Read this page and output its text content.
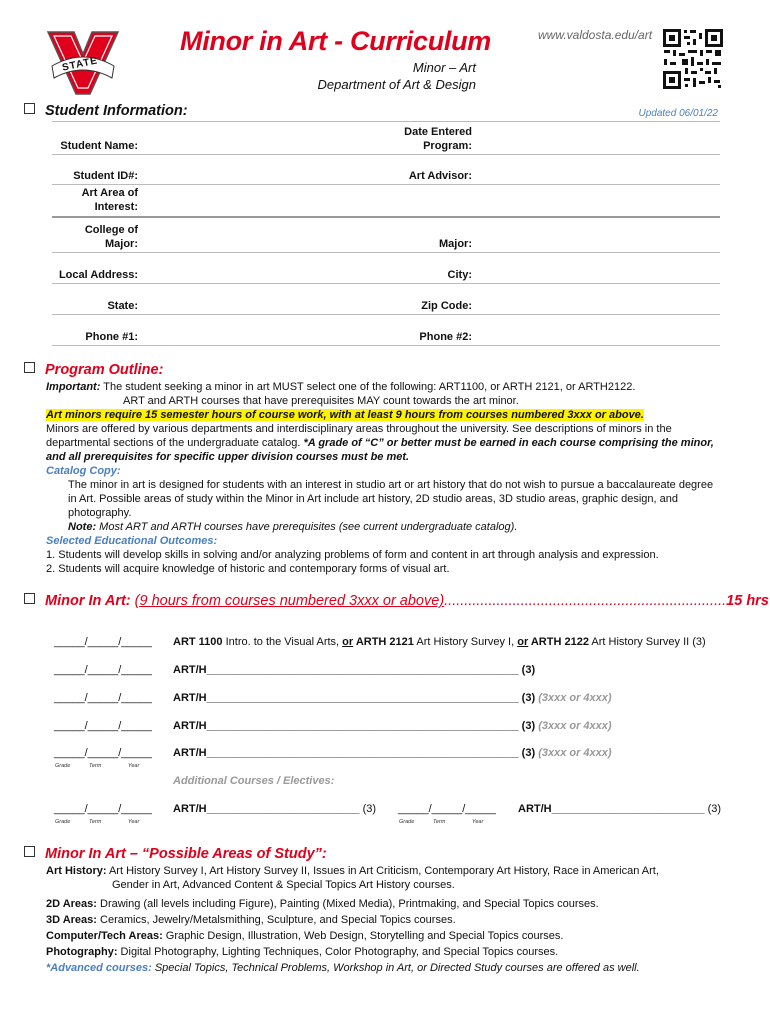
STATE
Minor in Art - Curriculum	www.valdosta.edu/art
Minor – Art
Department of Art & Design
Updated 06/01/22
Student Information:
Student Name:
Date Entered Program:
Student ID#:	Art Advisor:
Art Area of Interest:
College of Major:	Major:
Local Address:	City:
State:	Zip Code:
Phone #1:	Phone #2:
Program Outline:
Important: The student seeking a minor in art MUST select one of the following: ART1100, or ARTH 2121, or ARTH2122.
ART and ARTH courses that have prerequisites MAY count towards the art minor.
Art minors require 15 semester hours of course work, with at least 9 hours from courses numbered 3xxx or above.
Minors are offered by various departments and interdisciplinary areas throughout the university. See descriptions of minors in the
departmental sections of the undergraduate catalog. *A grade of “C” or better must be earned in each course comprising the minor,
and all prerequisites for specific upper division courses must be met.
Catalog Copy:
The minor in art is designed for students with an interest in studio art or art history that do not wish to pursue a baccalaureate degree
in Art. Possible areas of study within the Minor in Art include art history, 2D studio areas, 3D studio areas, graphic design, and
photography.
Note: Most ART and ARTH courses have prerequisites (see current undergraduate catalog).
Selected Educational Outcomes:
1. Students will develop skills in solving and/or analyzing problems of form and content in art through analysis and expression.
2. Students will acquire knowledge of historic and contemporary forms of visual art.
Minor In Art: (9 hours from courses numbered 3xxx or above)......................................................................15 hrs
_____/_____/_____ ART 1100 Intro. to the Visual Arts, or ARTH 2121 Art History Survey I, or ARTH 2122 Art History Survey II (3)
_____/_____/_____ ART/H___________________________________________________ (3)
_____/_____/_____ ART/H___________________________________________________ (3) (3xxx or 4xxx)
_____/_____/_____ ART/H___________________________________________________ (3) (3xxx or 4xxx)
_____/_____/_____ ART/H___________________________________________________ (3) (3xxx or 4xxx)
Grade	Term	Year
Additional Courses / Electives:
_____/_____/_____ ART/H_________________________ (3) _____/_____/_____ ART/H_________________________ (3)
Grade	Term	Year	Grade	Term	Year
Minor In Art – “Possible Areas of Study”:
Art History: Art History Survey I, Art History Survey II, Issues in Art Criticism, Contemporary Art History, Race in American Art,
Gender in Art, Advanced Content & Special Topics Art History courses.
2D Areas: Drawing (all levels including Figure), Painting (Mixed Media), Printmaking, and Special Topics courses.
3D Areas: Ceramics, Jewelry/Metalsmithing, Sculpture, and Special Topics courses.
Computer/Tech Areas: Graphic Design, Illustration, Web Design, Storytelling and Special Topics courses.
Photography: Digital Photography, Lighting Techniques, Color Photography, and Special Topics courses.
*Advanced courses: Special Topics, Technical Problems, Workshop in Art, or Directed Study courses are offered as well.
